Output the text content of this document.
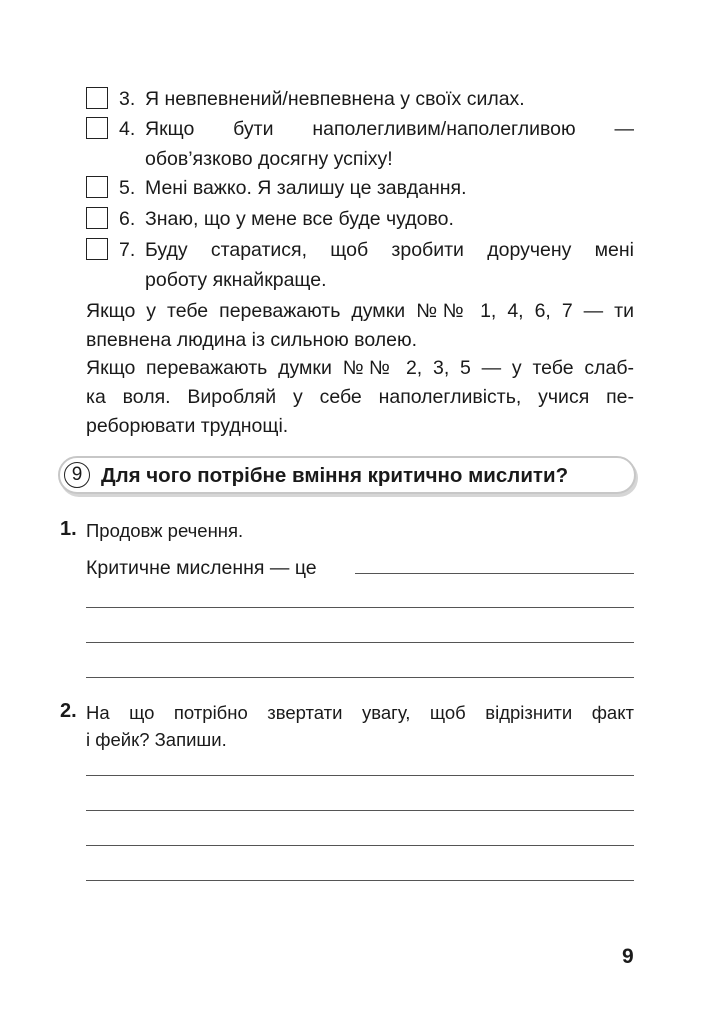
3. Я невпевнений/невпевнена у своїх силах.
4. Якщо бути наполегливим/наполегливою —
обов’язково досягну успіху!
5. Мені важко. Я залишу це завдання.
6. Знаю, що у мене все буде чудово.
7. Буду старатися, щоб зробити доручену мені
роботу якнайкраще.
Якщо у тебе переважають думки №№ 1, 4, 6, 7 — ти
впевнена людина із сильною волею.
Якщо переважають думки №№ 2, 3, 5 — у тебе слаб-
ка воля. Виробляй у себе наполегливість, учися пе-
реборювати труднощі.
9 Для чого потрібне вміння критично мислити?
1. Продовж речення.
Критичне мислення — це
2. На що потрібно звертати увагу, щоб відрізнити факт
і фейк? Запиши.
9
